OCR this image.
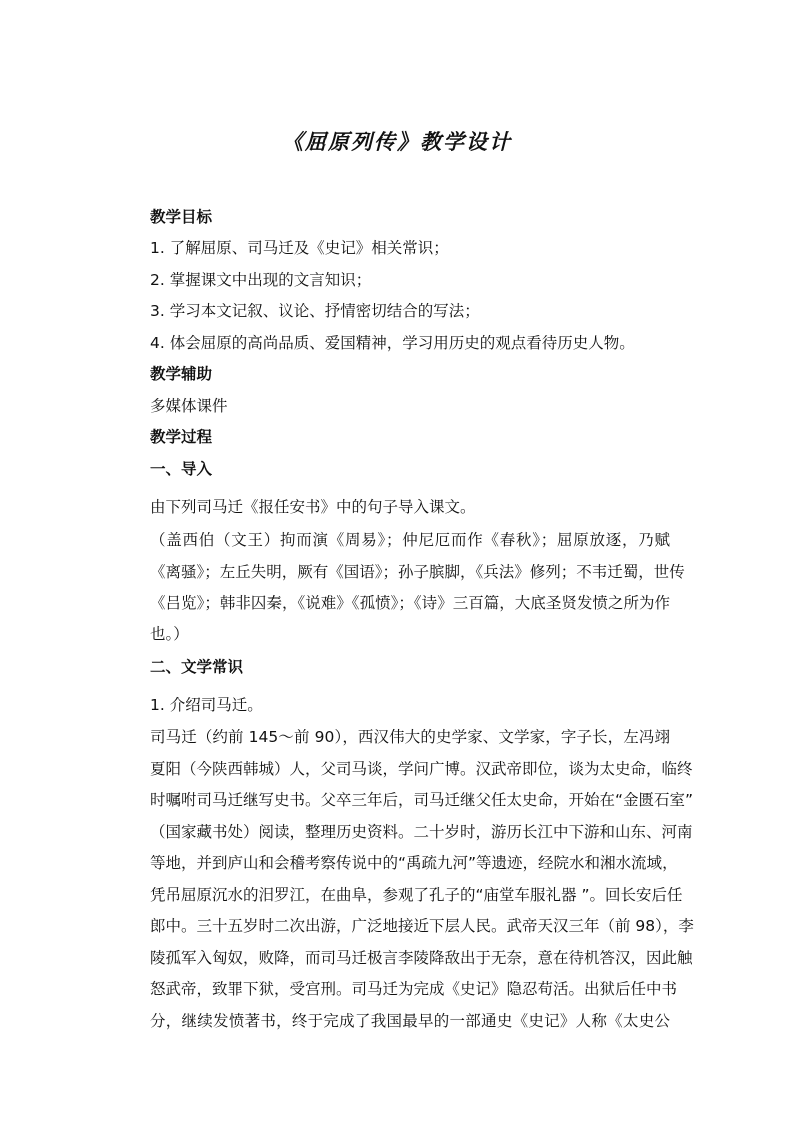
《屈原列传》教学设计

教学目标

1. 了解屈原、司马迁及《史记》相关常识；

2. 掌握课文中出现的文言知识；

3. 学习本文记叙、议论、抒情密切结合的写法；

4. 体会屈原的高尚品质、爱国精神，学习用历史的观点看待历史人物。

教学辅助

多媒体课件

教学过程

一、导入

由下列司马迁《报任安书》中的句子导入课文。

（盖西伯（文王）拘而演《周易》；仲尼厄而作《春秋》；屈原放逐，乃赋

《离骚》；左丘失明，厥有《国语》；孙子膑脚，《兵法》修列；不韦迁蜀，世传

《吕览》；韩非囚秦，《说难》《孤愤》；《诗》三百篇，大底圣贤发愤之所为作

也。）

二、文学常识

1. 介绍司马迁。

司马迁（约前 145～前 90），西汉伟大的史学家、文学家，字子长，左冯翊

夏阳（今陕西韩城）人，父司马谈，学问广博。汉武帝即位，谈为太史命，临终

时嘱咐司马迁继写史书。父卒三年后，司马迁继父任太史命，开始在“金匮石室”

（国家藏书处）阅读，整理历史资料。二十岁时，游历长江中下游和山东、河南

等地，并到庐山和会稽考察传说中的“禹疏九河”等遗迹，经院水和湘水流域，

凭吊屈原沉水的汨罗江，在曲阜，参观了孔子的“庙堂车服礼器 ”。回长安后任

郎中。三十五岁时二次出游，广泛地接近下层人民。武帝天汉三年（前 98），李

陵孤军入匈奴，败降，而司马迁极言李陵降敌出于无奈，意在待机答汉，因此触

怒武帝，致罪下狱，受宫刑。司马迁为完成《史记》隐忍苟活。出狱后任中书

分，继续发愤著书，终于完成了我国最早的一部通史《史记》人称《太史公
